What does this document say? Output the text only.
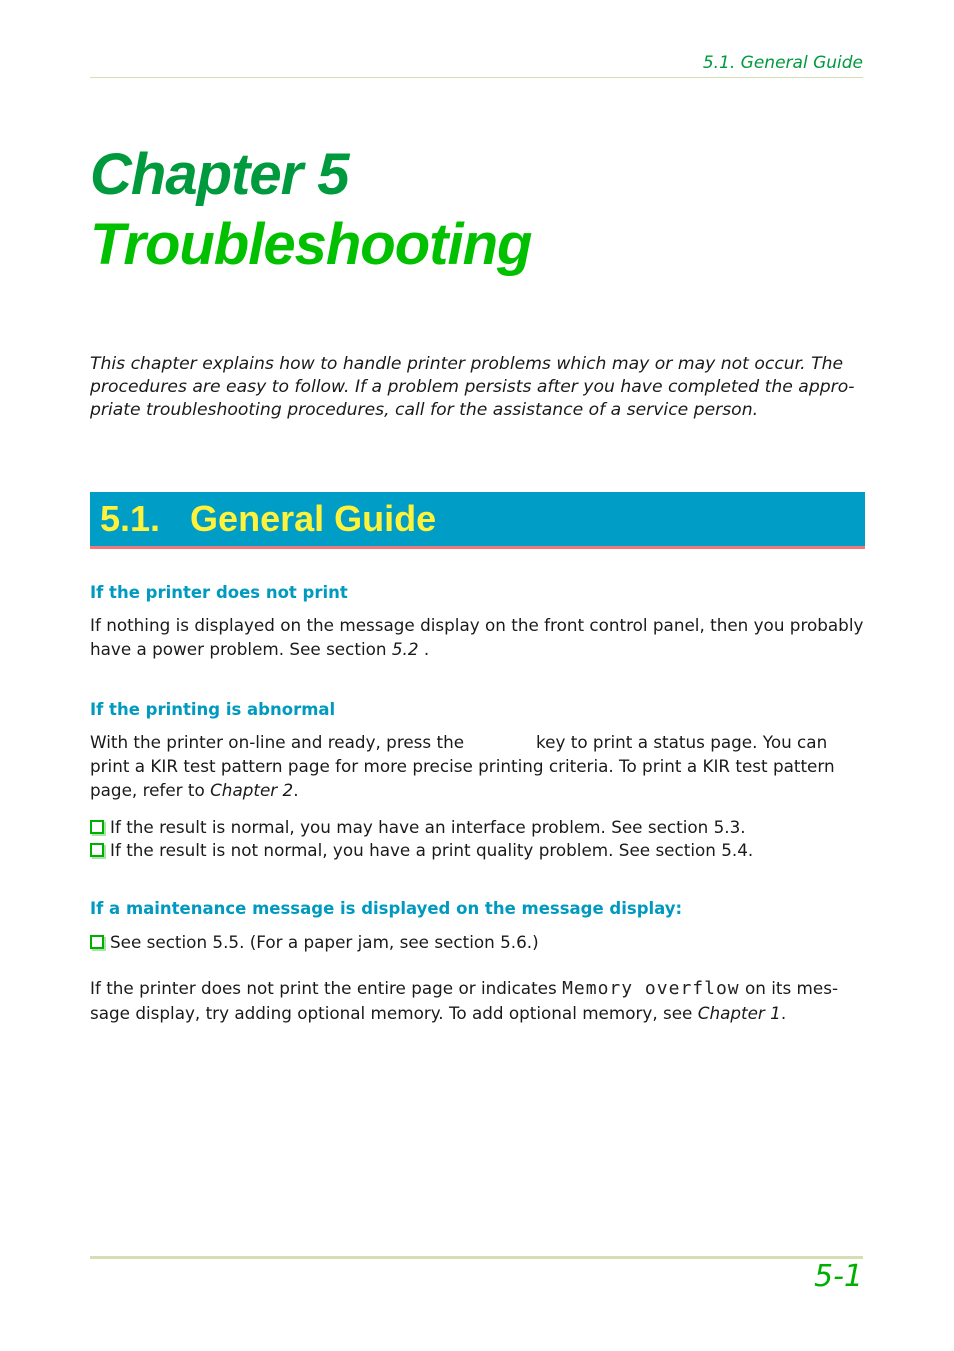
5.1. General Guide
Chapter 5
Troubleshooting

This chapter explains how to handle printer problems which may or may not occur. The procedures are easy to follow. If a problem persists after you have completed the appro-priate troubleshooting procedures, call for the assistance of a service person.

5.1.   General Guide
If the printer does not print

If nothing is displayed on the message display on the front control panel, then you probably have a power problem. See section 5.2 .

If the printing is abnormal

With the printer on-line and ready, press the	key to print a status page. You can print a KIR test pattern page for more precise printing criteria. To print a KIR test pattern page, refer to Chapter 2.

If the result is normal, you may have an interface problem. See section 5.3.

If the result is not normal, you have a print quality problem. See section 5.4.

If a maintenance message is displayed on the message display:

See section 5.5. (For a paper jam, see section 5.6.)

If the printer does not print the entire page or indicates Memory overflow on its mes-sage display, try adding optional memory. To add optional memory, see Chapter 1.

5-1
